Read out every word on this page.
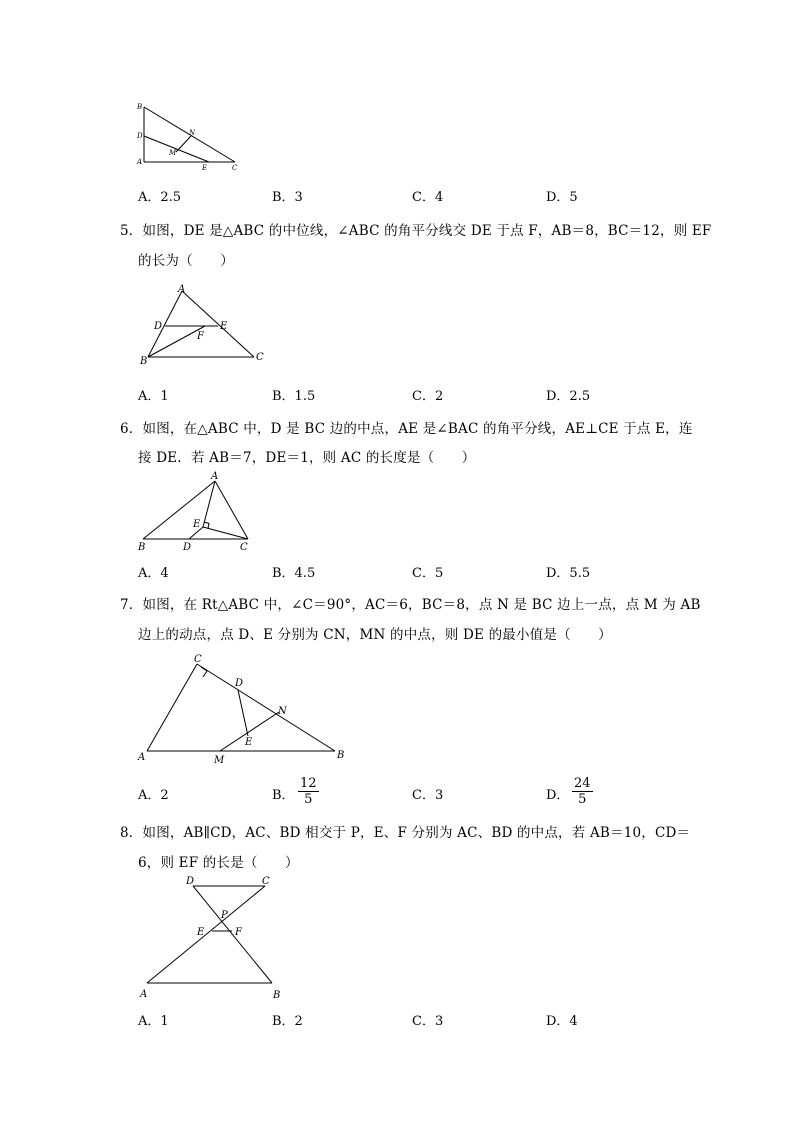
B
D	N
M
A
E	C
A．2.5	B．3	C．4	D．5
5．如图，DE 是△ABC 的中位线，∠ABC 的角平分线交 DE 于点 F，AB＝8，BC＝12，则 EF
的长为（　　）
A
D	E
F
B	C
A．1	B．1.5	C．2	D．2.5
6．如图，在△ABC 中，D 是 BC 边的中点，AE 是∠BAC 的角平分线，AE⊥CE 于点 E，连
接 DE．若 AB＝7，DE＝1，则 AC 的长度是（　　）
A
E
B	D	C
A．4	B．4.5	C．5	D．5.5
7．如图，在 Rt△ABC 中，∠C＝90°，AC＝6，BC＝8，点 N 是 BC 边上一点，点 M 为 AB
边上的动点，点 D、E 分别为 CN，MN 的中点，则 DE 的最小值是（　　）
C
D
N
E
A	M	B
A．2	B． $\frac{12}{5}$	C．3	D． $\frac{24}{5}$
8．如图，AB∥CD，AC、BD 相交于 P，E、F 分别为 AC、BD 的中点，若 AB＝10，CD＝
6，则 EF 的长是（　　）
D	C
P
E	F
A	B
A．1	B．2	C．3	D．4
